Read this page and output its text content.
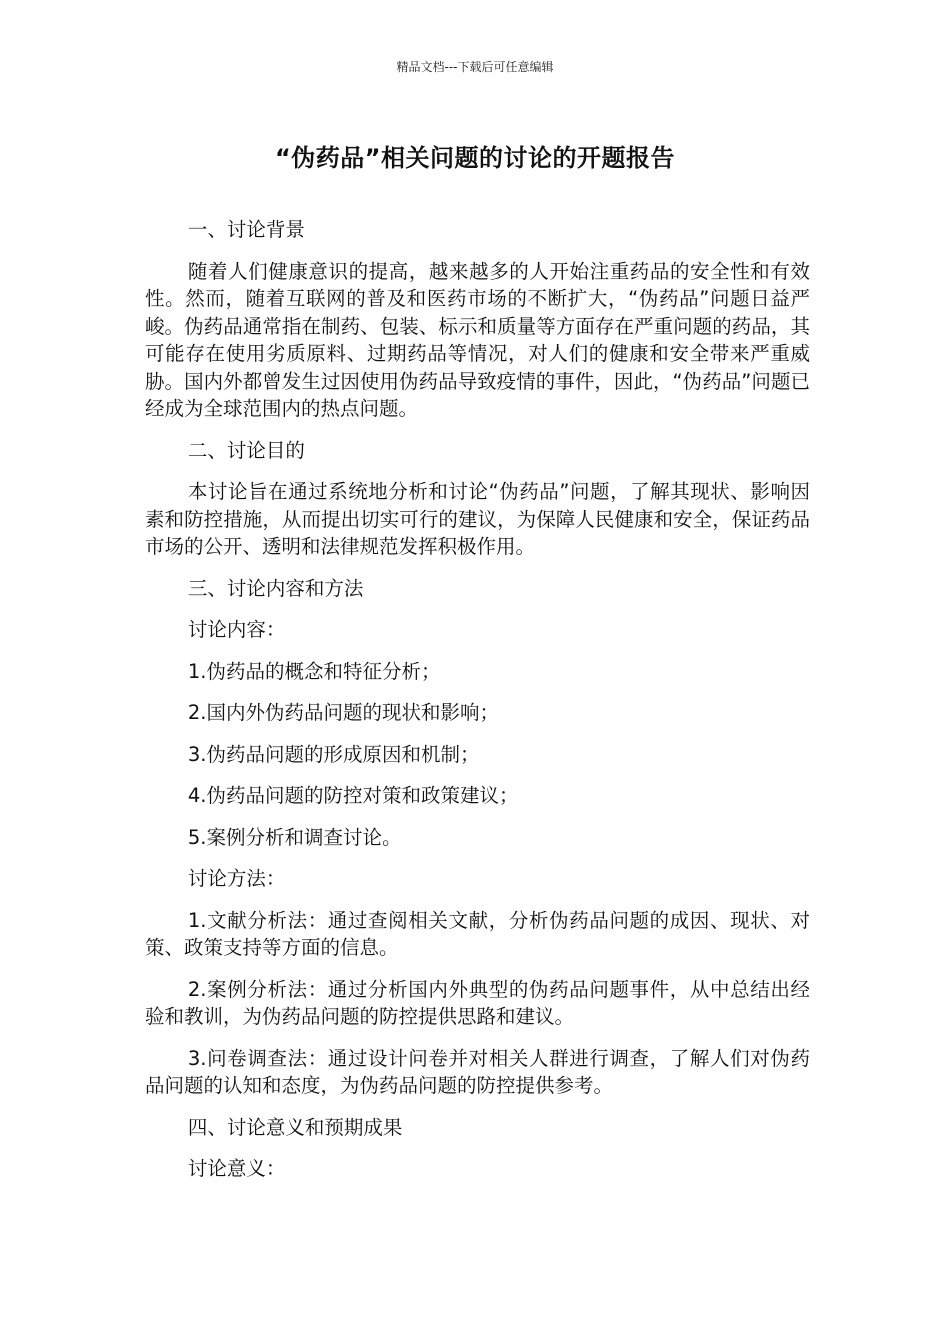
精品文档---下载后可任意编辑
“伪药品”相关问题的讨论的开题报告

一、讨论背景

随着人们健康意识的提高，越来越多的人开始注重药品的安全性和有效性。然而，随着互联网的普及和医药市场的不断扩大，“伪药品”问题日益严峻。伪药品通常指在制药、包装、标示和质量等方面存在严重问题的药品，其可能存在使用劣质原料、过期药品等情况，对人们的健康和安全带来严重威胁。国内外都曾发生过因使用伪药品导致疫情的事件，因此，“伪药品”问题已经成为全球范围内的热点问题。

二、讨论目的

本讨论旨在通过系统地分析和讨论“伪药品”问题，了解其现状、影响因素和防控措施，从而提出切实可行的建议，为保障人民健康和安全，保证药品市场的公开、透明和法律规范发挥积极作用。

三、讨论内容和方法

讨论内容：

1.伪药品的概念和特征分析；

2.国内外伪药品问题的现状和影响；

3.伪药品问题的形成原因和机制；

4.伪药品问题的防控对策和政策建议；

5.案例分析和调查讨论。

讨论方法：

1.文献分析法：通过查阅相关文献，分析伪药品问题的成因、现状、对策、政策支持等方面的信息。

2.案例分析法：通过分析国内外典型的伪药品问题事件，从中总结出经验和教训，为伪药品问题的防控提供思路和建议。

3.问卷调查法：通过设计问卷并对相关人群进行调查，了解人们对伪药品问题的认知和态度，为伪药品问题的防控提供参考。

四、讨论意义和预期成果

讨论意义：
